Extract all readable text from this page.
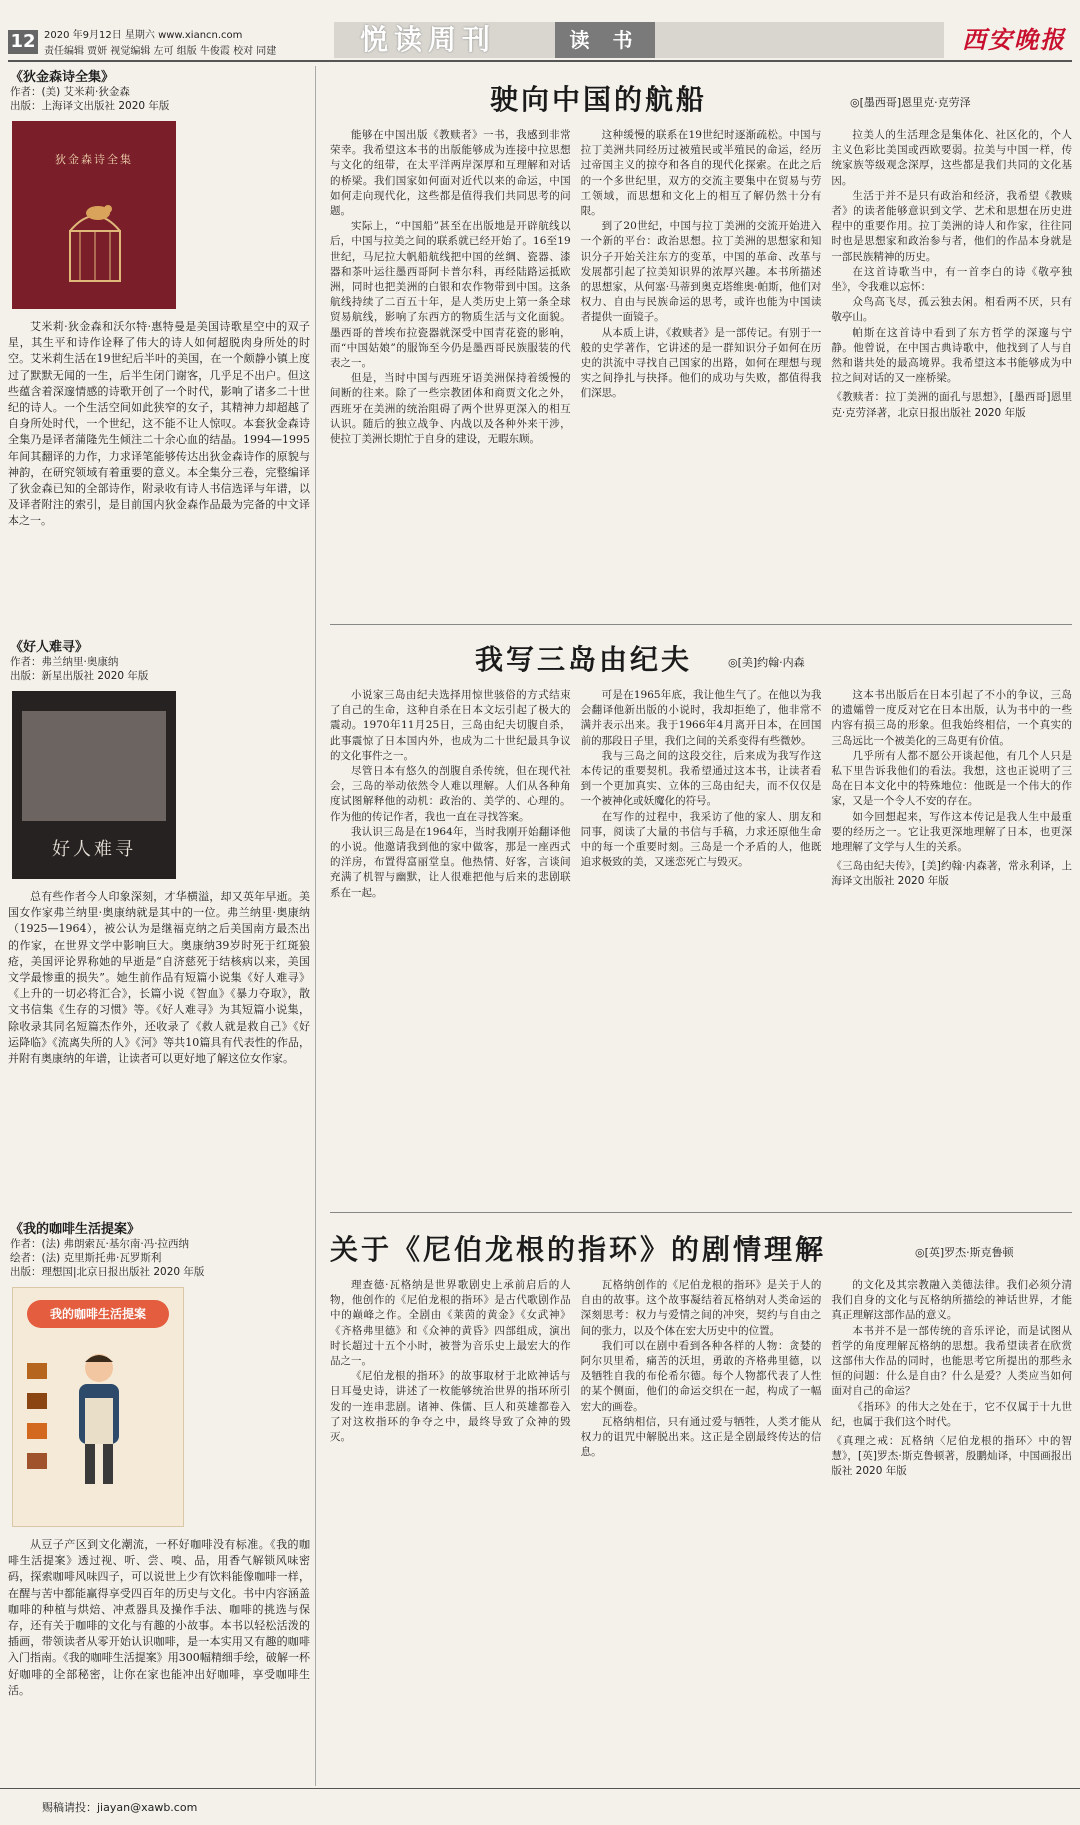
12 2020 年9月12日 星期六 www.xiancn.com
责任编辑 贾妍 视觉编辑 左可 组版 牛俊霞 校对 同建	悦读周刊	读 书	西安晚报
《狄金森诗全集》
作者：(美) 艾米莉·狄金森
出版：上海译文出版社 2020 年版
狄金森诗全集
艾米莉·狄金森和沃尔特·惠特曼是美国诗歌星空中的双子星，其生平和诗作诠释了伟大的诗人如何超脱肉身所处的时空。艾米莉生活在19世纪后半叶的美国，在一个颇静小镇上度过了默默无闻的一生，后半生闭门谢客，几乎足不出户。但这些蕴含着深邃情感的诗歌开创了一个时代，影响了诸多二十世纪的诗人。一个生活空间如此狭窄的女子，其精神力却超越了自身所处时代，一个世纪，这不能不让人惊叹。本套狄金森诗全集乃是译者蒲隆先生倾注二十余心血的结晶。1994—1995年间其翻译的力作，力求译笔能够传达出狄金森诗作的原貌与神韵，在研究领域有着重要的意义。本全集分三卷，完整编译了狄金森已知的全部诗作，附录收有诗人书信选译与年谱，以及译者附注的索引，是目前国内狄金森作品最为完备的中文译本之一。
《好人难寻》
作者：弗兰纳里·奥康纳
出版：新星出版社 2020 年版
好人难寻
总有些作者今人印象深刻，才华横溢，却又英年早逝。美国女作家弗兰纳里·奥康纳就是其中的一位。弗兰纳里·奥康纳（1925—1964），被公认为是继福克纳之后美国南方最杰出的作家，在世界文学中影响巨大。奥康纳39岁时死于红斑狼疮，美国评论界称她的早逝是“自济慈死于结核病以来，美国文学最惨重的损失”。她生前作品有短篇小说集《好人难寻》《上升的一切必将汇合》，长篇小说《智血》《暴力夺取》，散文书信集《生存的习惯》等。《好人难寻》为其短篇小说集，除收录其同名短篇杰作外，还收录了《救人就是救自己》《好运降临》《流离失所的人》《河》等共10篇具有代表性的作品，并附有奥康纳的年谱，让读者可以更好地了解这位女作家。
《我的咖啡生活提案》
作者：(法) 弗朗索瓦·基尔南·冯·拉西纳
绘者：(法) 克里斯托弗·瓦罗斯利
出版：理想国|北京日报出版社 2020 年版
我的咖啡生活提案
从豆子产区到文化潮流，一杯好咖啡没有标准。《我的咖啡生活提案》透过视、听、尝、嗅、品，用香气解锁风味密码，探索咖啡风味四子，可以说世上少有饮料能像咖啡一样，在醒与苦中都能赢得享受四百年的历史与文化。书中内容涵盖咖啡的种植与烘焙、冲煮器具及操作手法、咖啡的挑选与保存，还有关于咖啡的文化与有趣的小故事。本书以轻松活泼的插画，带领读者从零开始认识咖啡，是一本实用又有趣的咖啡入门指南。《我的咖啡生活提案》用300幅精细手绘，破解一杯好咖啡的全部秘密，让你在家也能冲出好咖啡，享受咖啡生活。
驶向中国的航船	◎[墨西哥]恩里克·克劳泽

能够在中国出版《教赎者》一书，我感到非常荣幸。我希望这本书的出版能够成为连接中拉思想与文化的纽带，在太平洋两岸深厚和互理解和对话的桥梁。我们国家如何面对近代以来的命运，中国如何走向现代化，这些都是值得我们共同思考的问题。

实际上，“中国船”甚至在出版地是开辟航线以后，中国与拉美之间的联系就已经开始了。16至19世纪，马尼拉大帆船航线把中国的丝绸、瓷器、漆器和茶叶运往墨西哥阿卡普尔科，再经陆路运抵欧洲，同时也把美洲的白银和农作物带到中国。这条航线持续了二百五十年，是人类历史上第一条全球贸易航线，影响了东西方的物质生活与文化面貌。墨西哥的普埃布拉瓷器就深受中国青花瓷的影响，而“中国姑娘”的服饰至今仍是墨西哥民族服装的代表之一。

但是，当时中国与西班牙语美洲保持着缓慢的间断的往来。除了一些宗教团体和商贾文化之外，西班牙在美洲的统治阻碍了两个世界更深入的相互认识。随后的独立战争、内战以及各种外来干涉，使拉丁美洲长期忙于自身的建设，无暇东顾。

这种缓慢的联系在19世纪时逐渐疏松。中国与拉丁美洲共同经历过被殖民或半殖民的命运，经历过帝国主义的掠夺和各自的现代化探索。在此之后的一个多世纪里，双方的交流主要集中在贸易与劳工领域，而思想和文化上的相互了解仍然十分有限。

到了20世纪，中国与拉丁美洲的交流开始进入一个新的平台：政治思想。拉丁美洲的思想家和知识分子开始关注东方的变革，中国的革命、改革与发展都引起了拉美知识界的浓厚兴趣。本书所描述的思想家，从何塞·马蒂到奥克塔维奥·帕斯，他们对权力、自由与民族命运的思考，或许也能为中国读者提供一面镜子。

从本质上讲，《救赎者》是一部传记。有别于一般的史学著作，它讲述的是一群知识分子如何在历史的洪流中寻找自己国家的出路，如何在理想与现实之间挣扎与抉择。他们的成功与失败，都值得我们深思。

拉美人的生活理念是集体化、社区化的，个人主义色彩比美国或西欧要弱。拉美与中国一样，传统家族等级观念深厚，这些都是我们共同的文化基因。

生活于并不是只有政治和经济，我希望《教赎者》的读者能够意识到文学、艺术和思想在历史进程中的重要作用。拉丁美洲的诗人和作家，往往同时也是思想家和政治参与者，他们的作品本身就是一部民族精神的历史。

在这首诗歌当中，有一首李白的诗《敬亭独坐》，令我难以忘怀：

众鸟高飞尽，孤云独去闲。相看两不厌，只有敬亭山。

帕斯在这首诗中看到了东方哲学的深邃与宁静。他曾说，在中国古典诗歌中，他找到了人与自然和谐共处的最高境界。我希望这本书能够成为中拉之间对话的又一座桥梁。

《教赎者：拉丁美洲的面孔与思想》，[墨西哥]恩里克·克劳泽著，北京日报出版社 2020 年版

我写三岛由纪夫	◎[美]约翰·内森

小说家三岛由纪夫选择用惊世骇俗的方式结束了自己的生命，这种自杀在日本文坛引起了极大的震动。1970年11月25日，三岛由纪夫切腹自杀，此事震惊了日本国内外，也成为二十世纪最具争议的文化事件之一。

尽管日本有悠久的剖腹自杀传统，但在现代社会，三岛的举动依然令人难以理解。人们从各种角度试图解释他的动机：政治的、美学的、心理的。作为他的传记作者，我也一直在寻找答案。

我认识三岛是在1964年，当时我刚开始翻译他的小说。他邀请我到他的家中做客，那是一座西式的洋房，布置得富丽堂皇。他热情、好客，言谈间充满了机智与幽默，让人很难把他与后来的悲剧联系在一起。

可是在1965年底，我让他生气了。在他以为我会翻译他新出版的小说时，我却拒绝了，他非常不满并表示出来。我于1966年4月离开日本，在回国前的那段日子里，我们之间的关系变得有些微妙。

我与三岛之间的这段交往，后来成为我写作这本传记的重要契机。我希望通过这本书，让读者看到一个更加真实、立体的三岛由纪夫，而不仅仅是一个被神化或妖魔化的符号。

在写作的过程中，我采访了他的家人、朋友和同事，阅读了大量的书信与手稿，力求还原他生命中的每一个重要时刻。三岛是一个矛盾的人，他既追求极致的美，又迷恋死亡与毁灭。

这本书出版后在日本引起了不小的争议，三岛的遗孀曾一度反对它在日本出版，认为书中的一些内容有损三岛的形象。但我始终相信，一个真实的三岛远比一个被美化的三岛更有价值。

几乎所有人都不愿公开谈起他，有几个人只是私下里告诉我他们的看法。我想，这也正说明了三岛在日本文化中的特殊地位：他既是一个伟大的作家，又是一个令人不安的存在。

如今回想起来，写作这本传记是我人生中最重要的经历之一。它让我更深地理解了日本，也更深地理解了文学与人生的关系。

《三岛由纪夫传》，[美]约翰·内森著，常永利译，上海译文出版社 2020 年版

关于《尼伯龙根的指环》的剧情理解	◎[英]罗杰·斯克鲁顿

理查德·瓦格纳是世界歌剧史上承前启后的人物，他创作的《尼伯龙根的指环》是古代歌剧作品中的巅峰之作。全剧由《莱茵的黄金》《女武神》《齐格弗里德》和《众神的黄昏》四部组成，演出时长超过十五个小时，被誉为音乐史上最宏大的作品之一。

《尼伯龙根的指环》的故事取材于北欧神话与日耳曼史诗，讲述了一枚能够统治世界的指环所引发的一连串悲剧。诸神、侏儒、巨人和英雄都卷入了对这枚指环的争夺之中，最终导致了众神的毁灭。

瓦格纳创作的《尼伯龙根的指环》是关于人的自由的故事。这个故事凝结着瓦格纳对人类命运的深刻思考：权力与爱情之间的冲突，契约与自由之间的张力，以及个体在宏大历史中的位置。

我们可以在剧中看到各种各样的人物：贪婪的阿尔贝里希，痛苦的沃坦，勇敢的齐格弗里德，以及牺牲自我的布伦希尔德。每个人物都代表了人性的某个侧面，他们的命运交织在一起，构成了一幅宏大的画卷。

瓦格纳相信，只有通过爱与牺牲，人类才能从权力的诅咒中解脱出来。这正是全剧最终传达的信息。

的文化及其宗教融入美德法律。我们必须分清我们自身的文化与瓦格纳所描绘的神话世界，才能真正理解这部作品的意义。

本书并不是一部传统的音乐评论，而是试图从哲学的角度理解瓦格纳的思想。我希望读者在欣赏这部伟大作品的同时，也能思考它所提出的那些永恒的问题：什么是自由？什么是爱？人类应当如何面对自己的命运？

《指环》的伟大之处在于，它不仅属于十九世纪，也属于我们这个时代。

《真理之戒：瓦格纳〈尼伯龙根的指环〉中的智慧》，[英]罗杰·斯克鲁顿著，殷鹏灿译，中国画报出版社 2020 年版

赐稿请投：jiayan@xawb.com
